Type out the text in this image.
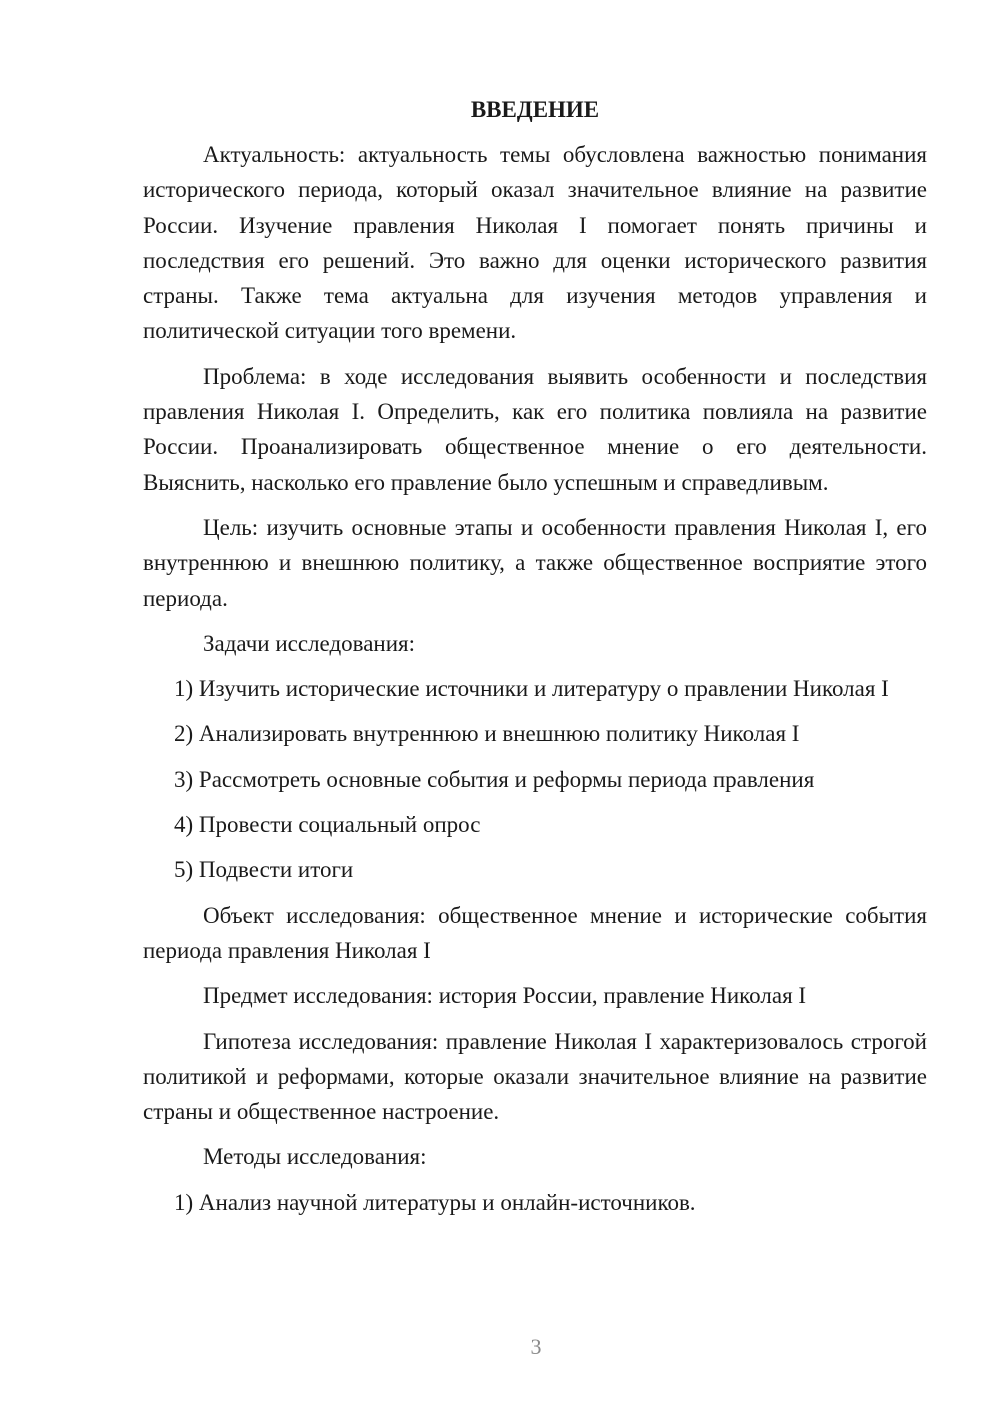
ВВЕДЕНИЕ

Актуальность: актуальность темы обусловлена важностью понимания исторического периода, который оказал значительное влияние на развитие России. Изучение правления Николая I помогает понять причины и последствия его решений. Это важно для оценки исторического развития страны. Также тема актуальна для изучения методов управления и политической ситуации того времени.

Проблема: в ходе исследования выявить особенности и последствия правления Николая I. Определить, как его политика повлияла на развитие России. Проанализировать общественное мнение о его деятельности. Выяснить, насколько его правление было успешным и справедливым.

Цель: изучить основные этапы и особенности правления Николая I, его внутреннюю и внешнюю политику, а также общественное восприятие этого периода.

Задачи исследования:

1) Изучить исторические источники и литературу о правлении Николая I

2) Анализировать внутреннюю и внешнюю политику Николая I

3) Рассмотреть основные события и реформы периода правления

4) Провести социальный опрос

5) Подвести итоги

Объект исследования: общественное мнение и исторические события периода правления Николая I

Предмет исследования: история России, правление Николая I

Гипотеза исследования: правление Николая I характеризовалось строгой политикой и реформами, которые оказали значительное влияние на развитие страны и общественное настроение.

Методы исследования:

1) Анализ научной литературы и онлайн-источников.

3
